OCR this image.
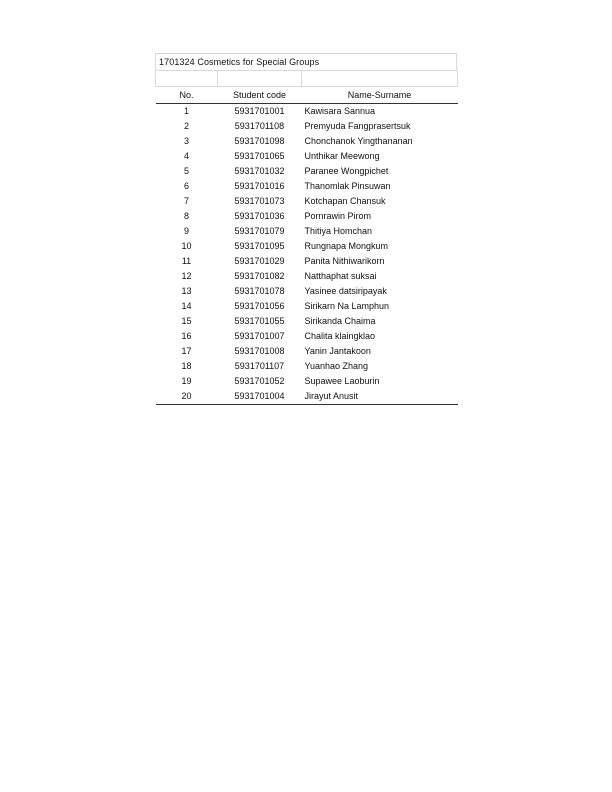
1701324 Cosmetics for Special Groups

No.	Student code	Name-Surname
1	5931701001	Kawisara Sannua
2	5931701108	Premyuda Fangprasertsuk
3	5931701098	Chonchanok Yingthananan
4	5931701065	Unthikar Meewong
5	5931701032	Paranee Wongpichet
6	5931701016	Thanomlak Pinsuwan
7	5931701073	Kotchapan Chansuk
8	5931701036	Pornrawin Pirom
9	5931701079	Thitiya Homchan
10	5931701095	Rungnapa Mongkum
11	5931701029	Panita Nithiwarikorn
12	5931701082	Natthaphat suksai
13	5931701078	Yasinee datsiripayak
14	5931701056	Sirikarn Na Lamphun
15	5931701055	Sirikanda Chaima
16	5931701007	Chalita klaingklao
17	5931701008	Yanin Jantakoon
18	5931701107	Yuanhao Zhang
19	5931701052	Supawee Laoburin
20	5931701004	Jirayut Anusit
